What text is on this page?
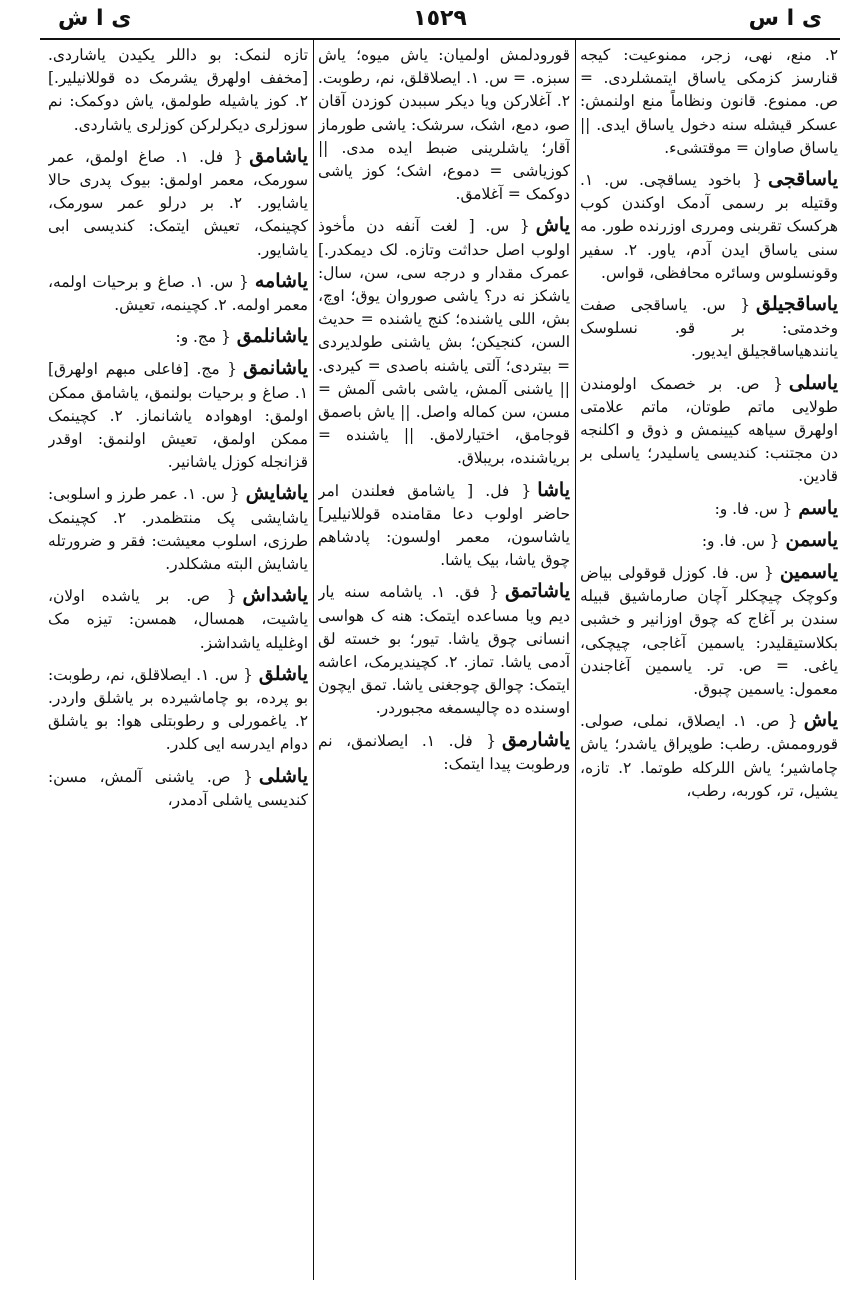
ی ا س
١٥٢٩
ی ا ش
٢. منع، نهی، زجر، ممنوعیت: کیجه قنارسز کزمکی یاساق ایتمشلردی. = ص. ممنوع. قانون ونظاماً منع اولنمش: عسکر قیشله سنه دخول یاساق ایدی. || یاساق صاوان = موقتشیء.
یاساقجی{ باخود یساقچی. س. ١. وقتیله بر رسمی آدمک اوکندن کوب هرکسک تقربنی ومرری اوزرنده طور. مه سنی یاساق ایدن آدم، یاور. ٢. سفیر وقونسلوس وسائره محافظی، قواس.
یاساقجیلق{ س. یاساقجی صفت وخدمتی: بر قو. نسلوسک یانندهیاساقجیلق ایدیور.
یاسلی{ ص. بر خصمک اولومندن طولایی ماتم طوتان، ماتم علامتی اولهرق سیاهه کیینمش و ذوق و اکلنجه دن مجتنب: کندیسی یاسلیدر؛ یاسلی بر قادین.
یاسم{ س. فا. و:
یاسمن{ س. فا. و:
یاسمین{ س. فا. کوزل قوقولی بیاض وکوچک چیچکلر آچان صارماشیق قبیله سندن بر آغاج که چوق اوزانیر و خشبی بکلاستیقلیدر: یاسمین آغاجی، چیچکی، یاغی. = ص. تر. یاسمین آغاجندن معمول: یاسمین چبوق.
یاش{ ص. ١. ایصلاق، نملی، صولی. قوروممش. رطب: طوپراق یاشدر؛ یاش چاماشیر؛ یاش اللرکله طوتما. ٢. تازه، یشیل، تر، کوربه، رطب،
قورودلمش اولمیان: یاش میوه؛ یاش سبزه. = س. ١. ایصلاقلق، نم، رطوبت. ٢. آغلارکن ویا دیکر سببدن کوزدن آقان صو، دمع، اشک، سرشک: یاشی طورماز آقار؛ یاشلرینی ضبط ایده مدی. || کوزیاشی = دموع، اشک؛ کوز یاشی دوکمک = آغلامق.
یاش{ س. [ لغت آنفه دن مأخوذ اولوب اصل حداثت وتازه. لک دیمکدر.] عمرک مقدار و درجه سی، سن، سال: یاشکز نه در؟ یاشی صوروان یوق؛ اوچ، بش، اللی یاشنده؛ کنج یاشنده = حدیث السن، کنجیکن؛ بش یاشنی طولدیردی = بیتردی؛ آلتی یاشنه باصدی = کیردی. || یاشنی آلمش، یاشی باشی آلمش = مسن، سن کماله واصل. || یاش باصمق قوجامق، اختیارلامق. || یاشنده = بریاشنده، بریبلاق.
یاشا{ فل. [ یاشامق فعلندن امر حاضر اولوب دعا مقامنده قوللانیلیر] یاشاسون، معمر اولسون: پادشاهم چوق یاشا، بیک یاشا.
یاشاتمق{ فق. ١. یاشامه سنه یار دیم ویا مساعده ایتمک: هنه ک هواسی انسانی چوق یاشا. تیور؛ بو خسته لق آدمی یاشا. تماز. ٢. کچیندیرمک، اعاشه ایتمک: چوالق چوجغنی یاشا. تمق ایچون اوسنده ده چالیسمغه مجبوردر.
یاشارمق{ فل. ١. ایصلانمق، نم ورطوبت پیدا ایتمک:
تازه لنمک: بو داللر یکیدن یاشاردی. [مخفف اولهرق یشرمک ده قوللانیلیر.] ٢. کوز یاشیله طولمق، یاش دوکمک: نم سوزلری دیکرلرکن کوزلری یاشاردی.
یاشامق{ فل. ١. صاغ اولمق، عمر سورمک، معمر اولمق: بیوک پدری حالا یاشایور. ٢. بر درلو عمر سورمک، کچینمک، تعیش ایتمک: کندیسی ابی یاشایور.
یاشامه{ س. ١. صاغ و برحیات اولمه، معمر اولمه. ٢. کچینمه، تعیش.
یاشانلمق{ مج. و:
یاشانمق{ مج. [فاعلی مبهم اولهرق] ١. صاغ و برحیات بولنمق، یاشامق ممکن اولمق: اوهوادہ یاشانماز. ٢. کچینمک ممکن اولمق، تعیش اولنمق: اوقدر قزانجله کوزل یاشانیر.
یاشایش{ س. ١. عمر طرز و اسلوبی: یاشایشی پک منتظمدر. ٢. کچینمک طرزی، اسلوب معیشت: فقر و ضرورتله یاشایش البته مشکلدر.
یاشداش{ ص. بر یاشده اولان، یاشیت، همسال، همسن: تیزه مک اوغلیله یاشداشز.
یاشلق{ س. ١. ایصلاقلق، نم، رطوبت: بو پرده، بو چاماشیرده بر یاشلق واردر. ٢. یاغمورلی و رطوبتلی هوا: بو یاشلق دوام ایدرسه ایی کلدر.
یاشلی{ ص. یاشنی آلمش، مسن: کندیسی یاشلی آدمدر،
